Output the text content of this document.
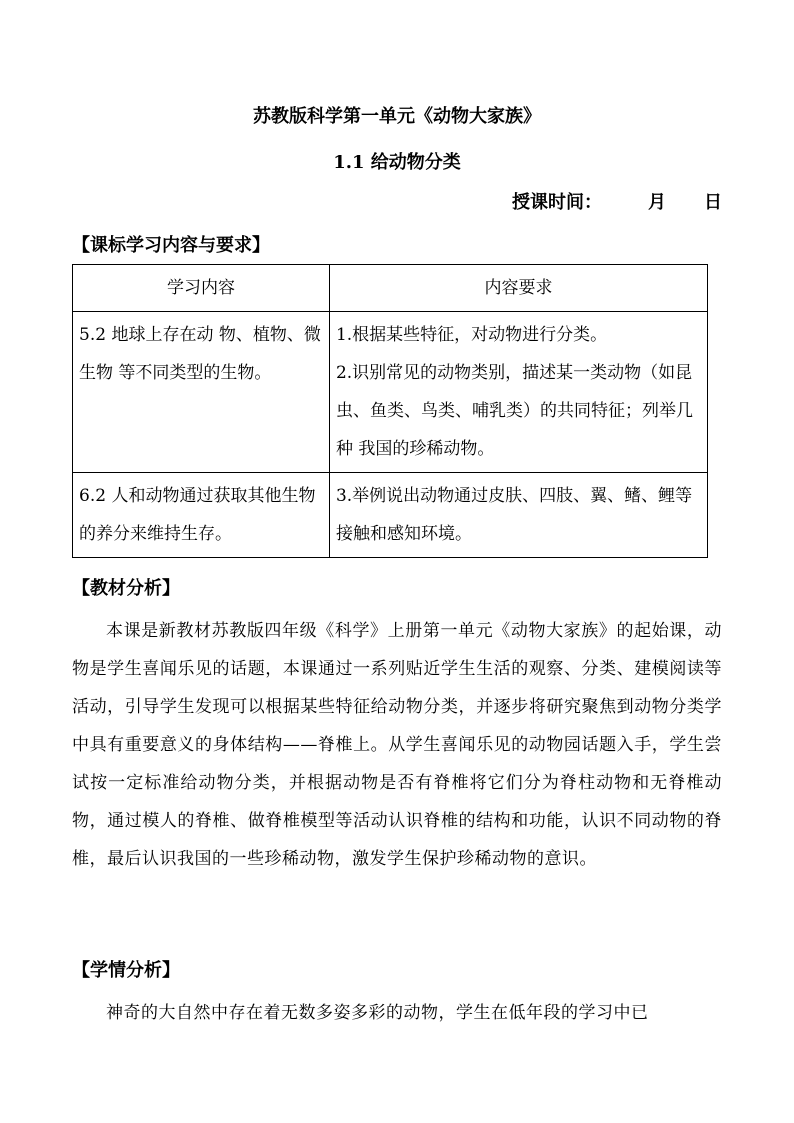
苏教版科学第一单元《动物大家族》
1.1 给动物分类
授课时间：	月 日
【课标学习内容与要求】
学习内容	内容要求
5.2 地球上存在动 物、植物、微生物 等不同类型的生物。	1.根据某些特征，对动物进行分类。
2.识别常见的动物类别，描述某一类动物（如昆 虫、鱼类、鸟类、哺乳类）的共同特征；列举几种 我国的珍稀动物。

6.2 人和动物通过获取其他生物的养分来维持生存。	3.举例说出动物通过皮肤、四肢、翼、鳍、鲤等接触和感知环境。
【教材分析】
本课是新教材苏教版四年级《科学》上册第一单元《动物大家族》的起始课，动物是学生喜闻乐见的话题，本课通过一系列贴近学生生活的观察、分类、建模阅读等活动，引导学生发现可以根据某些特征给动物分类，并逐步将研究聚焦到动物分类学中具有重要意义的身体结构——脊椎上。从学生喜闻乐见的动物园话题入手，学生尝试按一定标准给动物分类，并根据动物是否有脊椎将它们分为脊柱动物和无脊椎动物，通过模人的脊椎、做脊椎模型等活动认识脊椎的结构和功能，认识不同动物的脊椎，最后认识我国的一些珍稀动物，激发学生保护珍稀动物的意识。
【学情分析】
神奇的大自然中存在着无数多姿多彩的动物，学生在低年段的学习中已
